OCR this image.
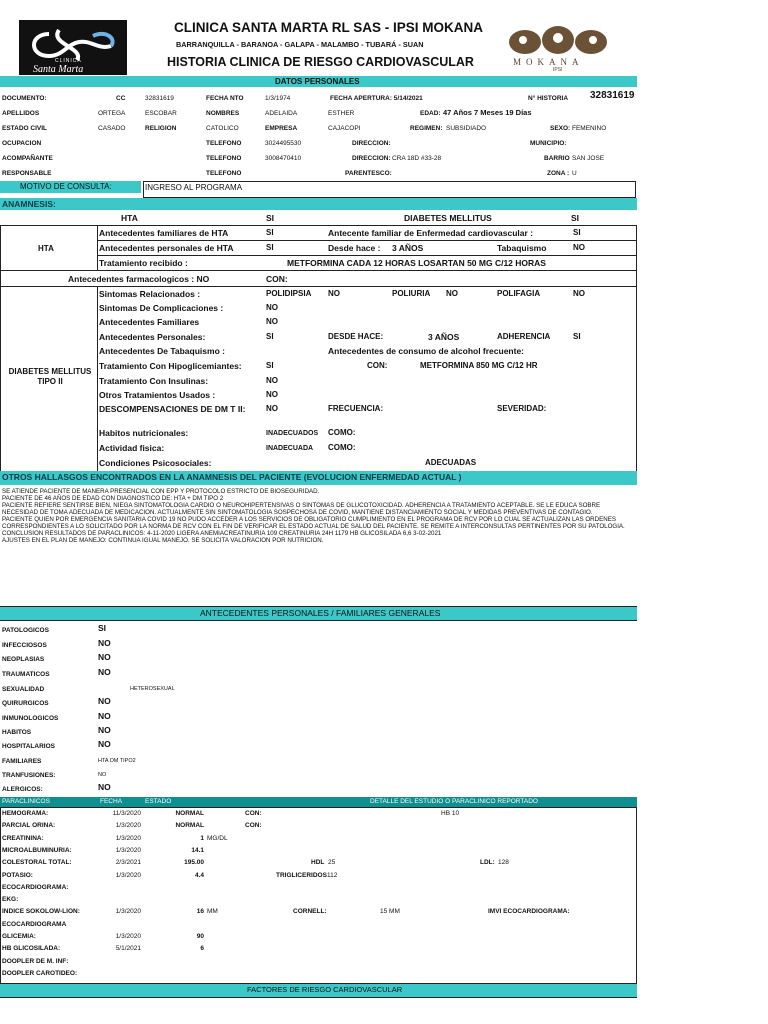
CLINICA
Santa Marta
CLINICA SANTA MARTA RL SAS - IPSI MOKANA
BARRANQUILLA - BARANOA - GALAPA - MALAMBO - TUBARÁ - SUAN
HISTORIA CLINICA DE RIESGO CARDIOVASCULAR	MOKANA
IPSI
DATOS PERSONALES
DOCUMENTO:	CC	32831619	FECHA NTO	1/3/1974	FECHA APERTURA: 5/14/2021	N° HISTORIA 32831619
APELLIDOS	ORTEGA	ESCOBAR	NOMBRES	ADELAIDA	ESTHER	EDAD: 47 Años 7 Meses 19 Días
ESTADO CIVIL	CASADO	RELIGION	CATOLICO	EMPRESA	CAJACOPI	REGIMEN: SUBSIDIADO	SEXO: FEMENINO
OCUPACION	TELEFONO	3024495530	DIRECCION:	MUNICIPIO:
ACOMPAÑANTE	TELEFONO	3008470410	DIRECCION: CRA 18D #33-28	BARRIO SAN JOSE
RESPONSABLE	TELEFONO	PARENTESCO:	ZONA : U
MOTIVO DE CONSULTA:	INGRESO AL PROGRAMA
ANAMNESIS:
HTA	SI	DIABETES MELLITUS	SI
HTA
Antecedentes familiares de HTA	SI	Antecente familiar de Enfermedad cardiovascular :	SI
Antecedentes personales de HTA	SI	Desde hace : 3 AÑOS	Tabaquismo	NO
Tratamiento recibido :	METFORMINA CADA 12 HORAS LOSARTAN 50 MG C/12 HORAS
Antecedentes farmacologicos : NO	CON:
DIABETES MELLITUS TIPO II
Sintomas Relacionados :	POLIDIPSIA NO	POLIURIA NO	POLIFAGIA	NO
Sintomas De Complicaciones :	NO
Antecedentes Familiares	NO
Antecedentes Personales:	SI	DESDE HACE:	3 AÑOS	ADHERENCIA	SI
Antecedentes De Tabaquismo :	Antecedentes de consumo de alcohol frecuente:
Tratamiento Con Hipoglicemiantes:	SI	CON:	METFORMINA 850 MG C/12 HR
Tratamiento Con Insulinas:	NO
Otros Tratamientos Usados :	NO
DESCOMPENSACIONES DE DM T II:	NO	FRECUENCIA:	SEVERIDAD:
Habitos nutricionales:	INADECUADOS COMO:
Actividad fisica:	INADECUADA COMO:
Condiciones Psicosociales:	ADECUADAS
OTROS HALLASGOS ENCONTRADOS EN LA ANAMNESIS DEL PACIENTE (EVOLUCION ENFERMEDAD ACTUAL )
SE ATIENDE PACIENTE DE MANERA PRESENCIAL CON EPP Y PROTOCOLO ESTRICTO DE BIOSEGURIDAD.
PACIENTE DE 46 AÑOS DE EDAD CON DIAGNOSTICO DE: HTA + DM TIPO 2
PACIENTE REFIERE SENTIRSE BIEN, NIEGA SINTOMATOLOGIA CARDIO O NEUROHIPERTENSIVAS O SINTOMAS DE GLUCOTOXICIDAD. ADHERENCIA A TRATAMIENTO ACEPTABLE. SE LE EDUCA SOBRE
NECESIDAD DE TOMA ADECUADA DE MEDICACION. ACTUALMENTE SIN SINTOMATOLOGIA SOSPECHOSA DE COVID, MANTIENE DISTANCIAMIENTO SOCIAL Y MEDIDAS PREVENTIVAS DE CONTAGIO.
PACIENTE QUIEN POR EMERGENCIA SANITARIA COVID 19 NO PUDO ACCEDER A LOS SERVICIOS DE OBLIGATORIO CUMPLIMIENTO EN EL PROGRAMA DE RCV POR LO CUAL SE ACTUALIZAN LAS ORDENES
CORRESPONDIENTES A LO SOLICITADO POR LA NORMA DE RCV CON EL FIN DE VERIFICAR EL ESTADO ACTUAL DE SALUD DEL PACIENTE. SE REMITE A INTERCONSULTAS PERTINENTES POR SU PATOLOGIA.
CONCLUSION RESULTADOS DE PARACLINICOS: 4-11-2020 LIGERA ANEMIACREATINURIA 109 CREATINURIA 24H 1179 HB GLICOSILADA 6,6 3-02-2021
AJUSTES EN EL PLAN DE MANEJO: CONTINUA IGUAL MANEJO. SE SOLICITA VALORACION POR NUTRICION.
ANTECEDENTES PERSONALES / FAMILIARES GENERALES
PATOLOGICOS	SI
INFECCIOSOS	NO
NEOPLASIAS	NO
TRAUMATICOS	NO
SEXUALIDAD	HETEROSEXUAL
QUIRURGICOS	NO
INMUNOLOGICOS	NO
HABITOS	NO
HOSPITALARIOS	NO
FAMILIARES	HTA DM TIPO2
TRANFUSIONES:	NO
ALERGICOS:	NO
PARACLINICOS	FECHA	ESTADO	DETALLE DEL ESTUDIO O PARACLINICO REPORTADO
HEMOGRAMA:	11/3/2020	NORMAL	CON:	HB 10
PARCIAL ORINA:	1/3/2020	NORMAL	CON:
CREATININA:	1/3/2020	1 MG/DL
MICROALBUMINURIA:	1/3/2020	14.1
COLESTORAL TOTAL:	2/3/2021	195.00	HDL 25	LDL: 128
POTASIO:	1/3/2020	4.4	TRIGLICERIDOS 112
ECOCARDIOGRAMA:
EKG:
INDICE SOKOLOW-LION:	1/3/2020	16 MM	CORNELL:	15 MM	IMVI ECOCARDIOGRAMA:
ECOCARDIOGRAMA
GLICEMIA:	1/3/2020	90
HB GLICOSILADA:	5/1/2021	6
DOOPLER DE M. INF:
DOOPLER CAROTIDEO:
FACTORES DE RIESGO CARDIOVASCULAR
